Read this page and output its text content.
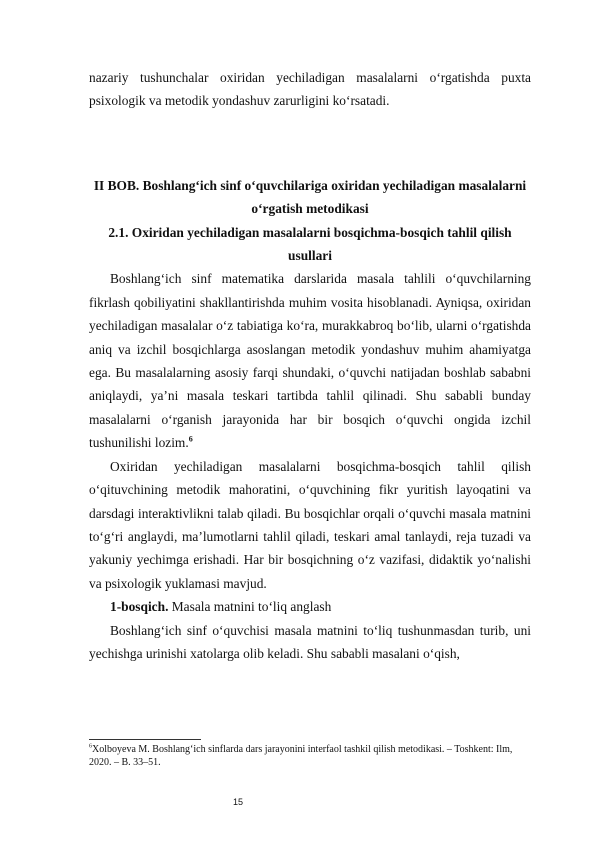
nazariy tushunchalar oxiridan yechiladigan masalalarni o‘rgatishda puxta psixologik va metodik yondashuv zarurligini ko‘rsatadi.

II BOB. Boshlang‘ich sinf o‘quvchilariga oxiridan yechiladigan masalalarni o‘rgatish metodikasi

2.1. Oxiridan yechiladigan masalalarni bosqichma-bosqich tahlil qilish usullari

Boshlang‘ich sinf matematika darslarida masala tahlili o‘quvchilarning fikrlash qobiliyatini shakllantirishda muhim vosita hisoblanadi. Ayniqsa, oxiridan yechiladigan masalalar o‘z tabiatiga ko‘ra, murakkabroq bo‘lib, ularni o‘rgatishda aniq va izchil bosqichlarga asoslangan metodik yondashuv muhim ahamiyatga ega. Bu masalalarning asosiy farqi shundaki, o‘quvchi natijadan boshlab sababni aniqlaydi, ya’ni masala teskari tartibda tahlil qilinadi. Shu sababli bunday masalalarni o‘rganish jarayonida har bir bosqich o‘quvchi ongida izchil tushunilishi lozim.$^6$

Oxiridan yechiladigan masalalarni bosqichma-bosqich tahlil qilish o‘qituvchining metodik mahoratini, o‘quvchining fikr yuritish layoqatini va darsdagi interaktivlikni talab qiladi. Bu bosqichlar orqali o‘quvchi masala matnini to‘g‘ri anglaydi, ma’lumotlarni tahlil qiladi, teskari amal tanlaydi, reja tuzadi va yakuniy yechimga erishadi. Har bir bosqichning o‘z vazifasi, didaktik yo‘nalishi va psixologik yuklamasi mavjud.

1-bosqich. Masala matnini to‘liq anglash

Boshlang‘ich sinf o‘quvchisi masala matnini to‘liq tushunmasdan turib, uni yechishga urinishi xatolarga olib keladi. Shu sababli masalani o‘qish,

$^6$Xolboyeva M. Boshlang‘ich sinflarda dars jarayonini interfaol tashkil qilish metodikasi. – Toshkent: Ilm, 2020. – B. 33–51.

15
